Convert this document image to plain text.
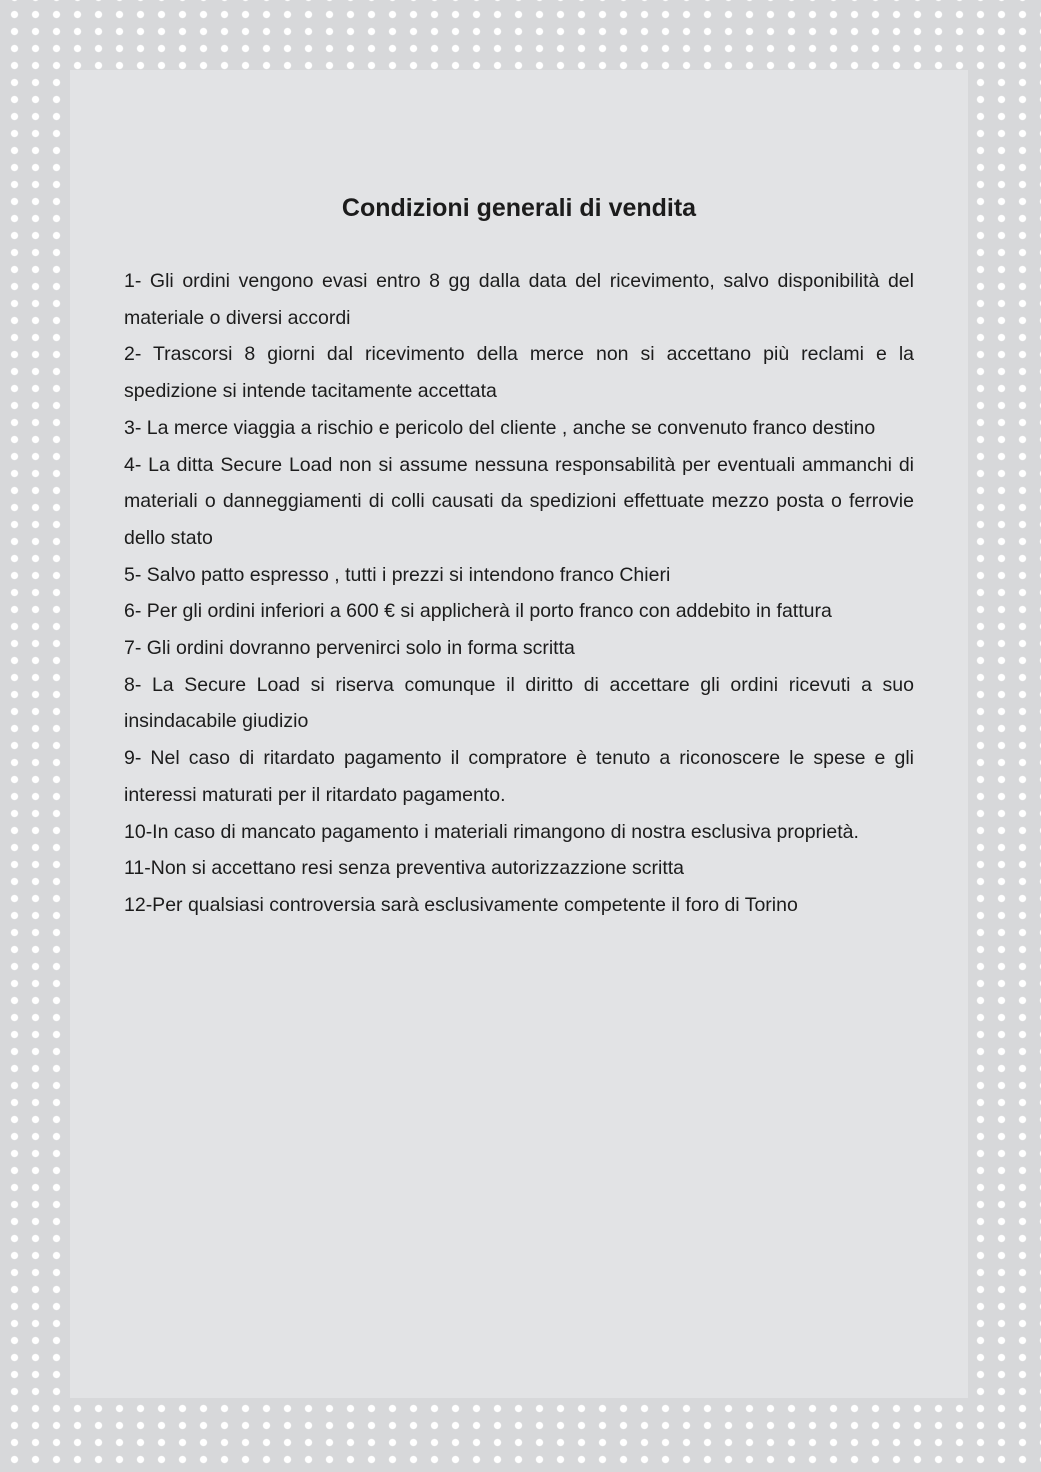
Condizioni generali di vendita
1- Gli ordini vengono evasi entro 8 gg dalla data del ricevimento, salvo disponibilità del materiale o diversi accordi
2- Trascorsi 8 giorni dal ricevimento della merce non si accettano più reclami e la spedizione si intende tacitamente accettata
3- La merce viaggia a rischio e pericolo del cliente , anche se convenuto franco destino
4- La ditta Secure Load non si assume nessuna responsabilità per eventuali ammanchi di materiali o danneggiamenti di colli causati da spedizioni effettuate mezzo posta o ferrovie dello stato
5- Salvo patto espresso , tutti i prezzi si intendono franco Chieri
6- Per gli ordini inferiori a 600 € si applicherà il porto franco con addebito in fattura
7- Gli ordini dovranno pervenirci solo in forma scritta
8- La Secure Load si riserva comunque il diritto di accettare gli ordini ricevuti a suo insindacabile giudizio
9- Nel caso di ritardato pagamento il compratore è tenuto a riconoscere le spese e gli interessi maturati per il ritardato pagamento.
10-In caso di mancato pagamento i materiali rimangono di nostra esclusiva proprietà.
11-Non si accettano resi senza preventiva autorizzazzione scritta
12-Per qualsiasi controversia sarà esclusivamente competente il foro di Torino
